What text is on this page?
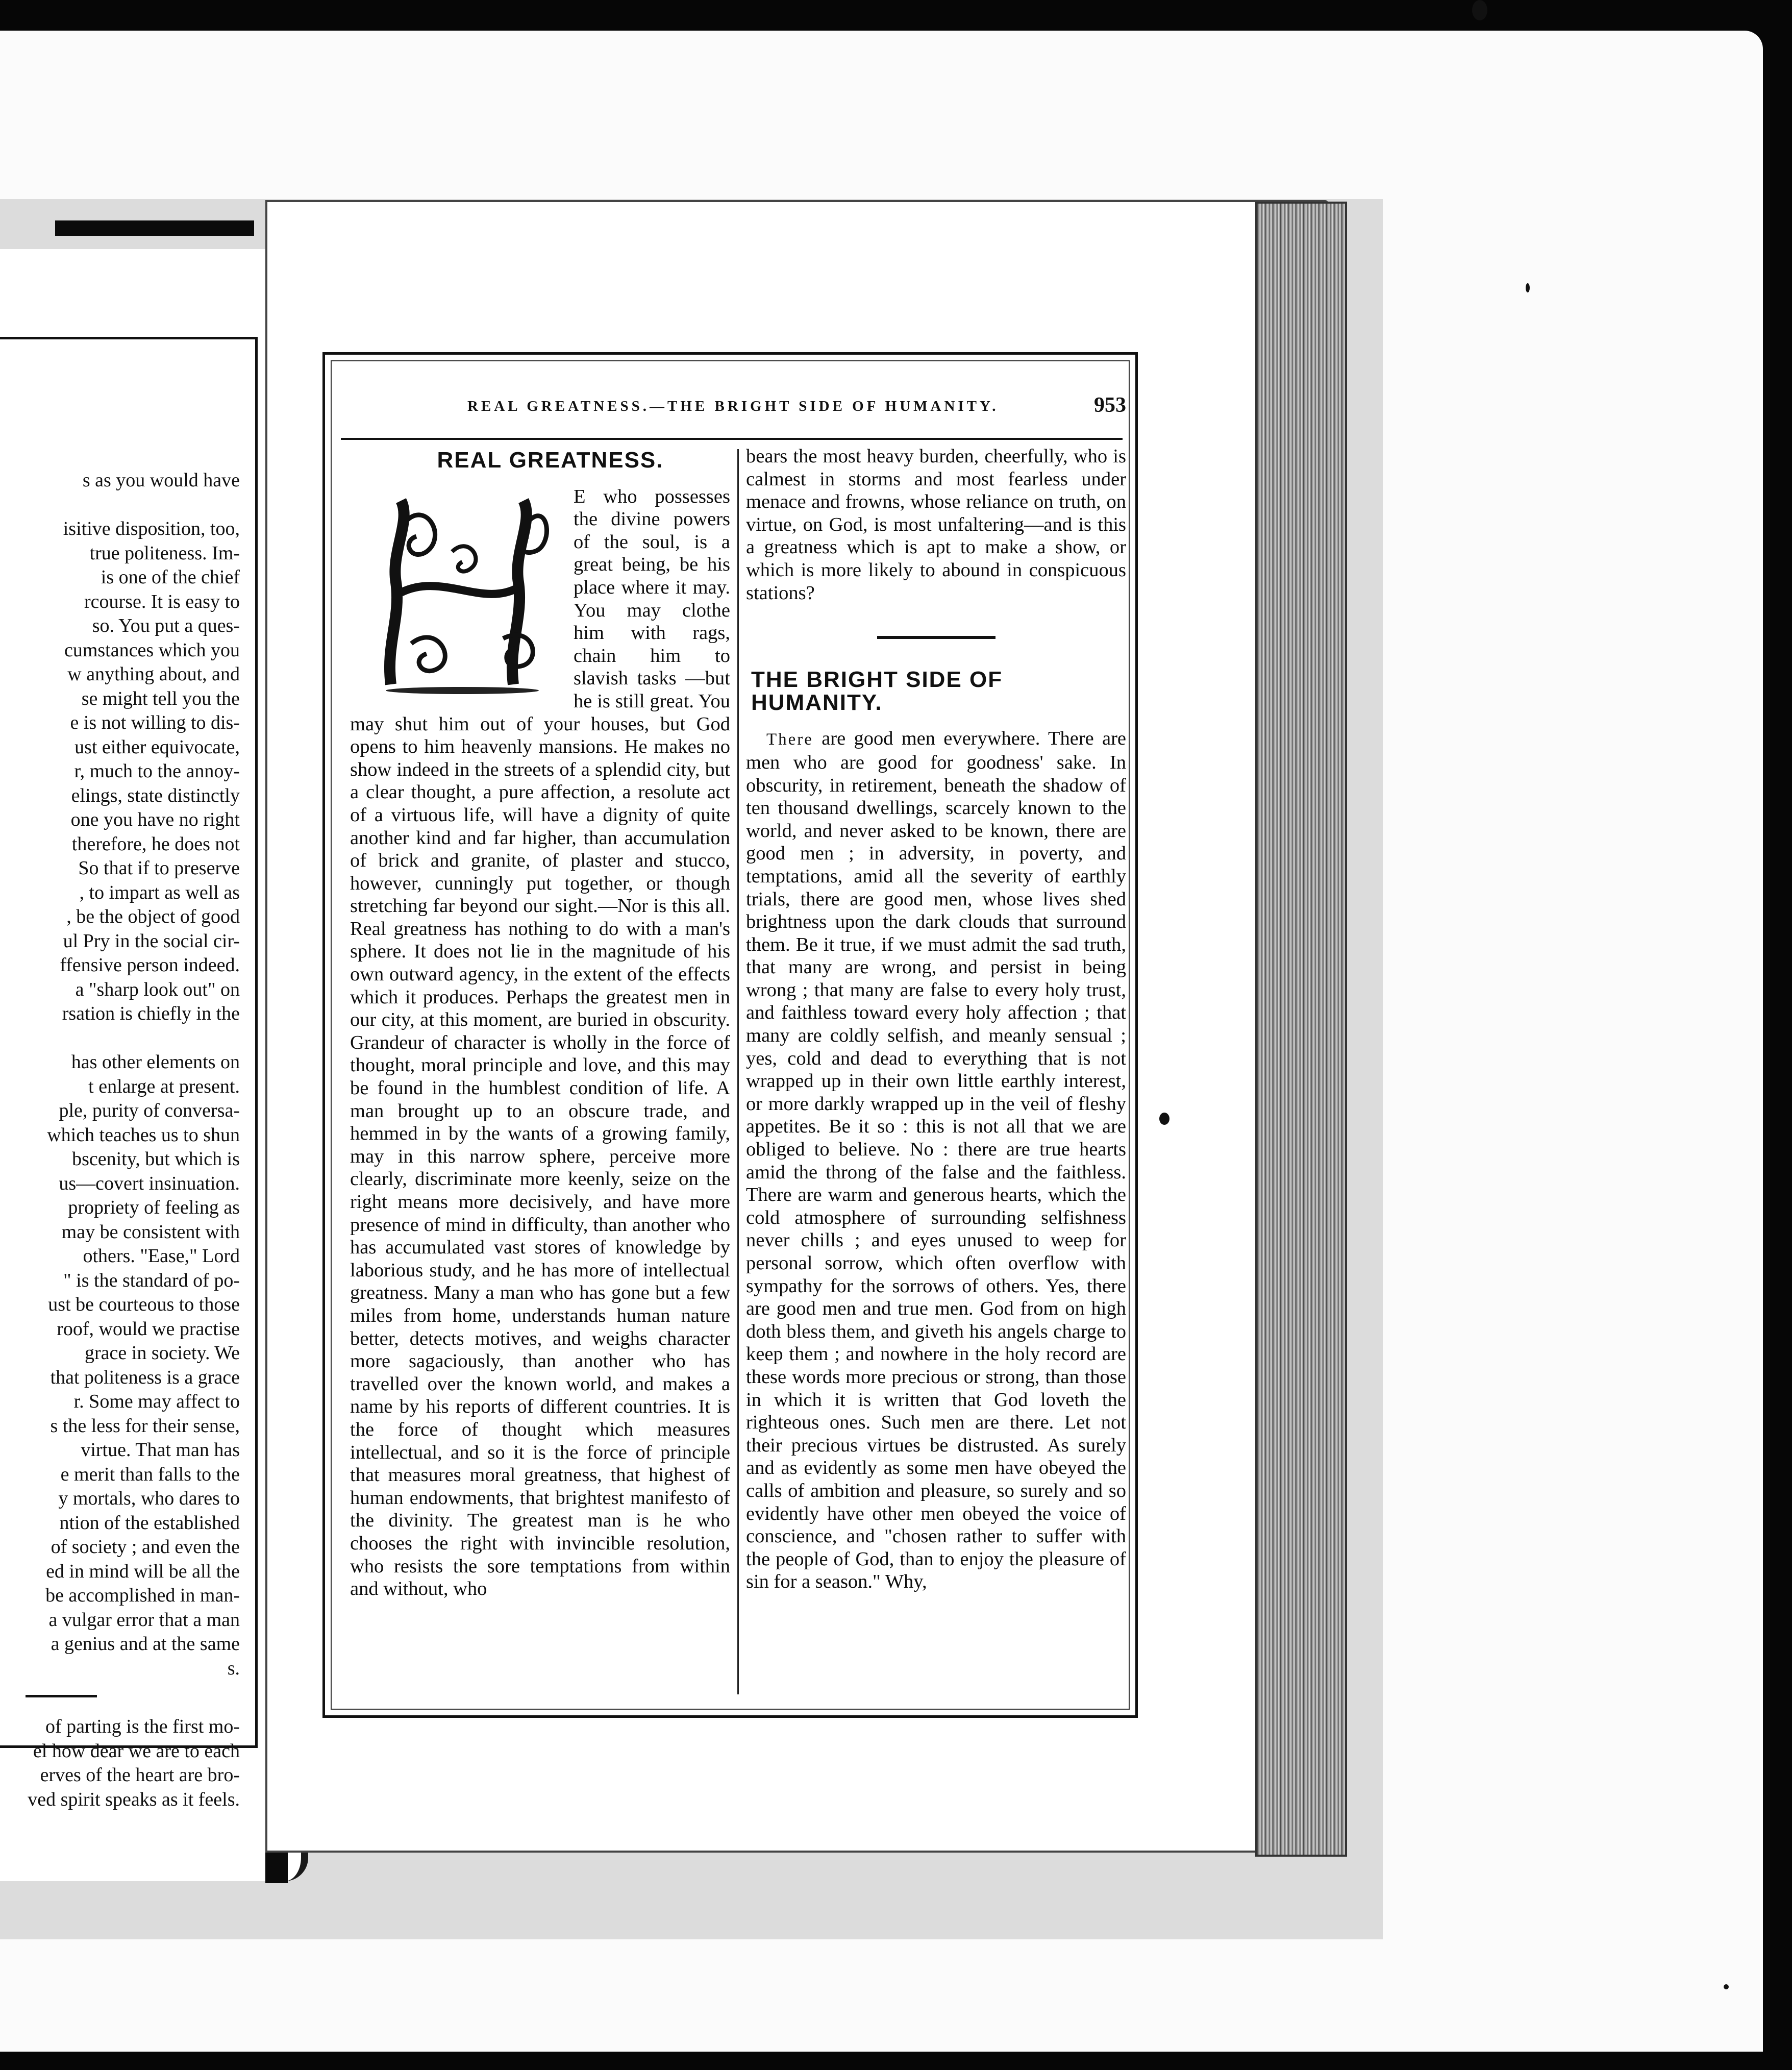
s as you would have

isitive disposition, too,
true politeness. Im-
is one of the chief
rcourse. It is easy to
so. You put a ques-
cumstances which you
w anything about, and
se might tell you the
e is not willing to dis-
ust either equivocate,
r, much to the annoy-
elings, state distinctly
one you have no right
therefore, he does not
So that if to preserve
, to impart as well as
, be the object of good
ul Pry in the social cir-
ffensive person indeed.
a "sharp look out" on
rsation is chiefly in the

has other elements on
t enlarge at present.
ple, purity of conversa-
which teaches us to shun
bscenity, but which is
us—covert insinuation.
propriety of feeling as
may be consistent with
others. "Ease," Lord
" is the standard of po-
ust be courteous to those
roof, would we practise
grace in society. We
that politeness is a grace
r. Some may affect to
s the less for their sense,
virtue. That man has
e merit than falls to the
y mortals, who dares to
ntion of the established
of society ; and even the
ed in mind will be all the
be accomplished in man-
a vulgar error that a man
a genius and at the same
s.
of parting is the first mo-
el how dear we are to each
erves of the heart are bro-
ved spirit speaks as it feels.
REAL GREATNESS.—THE BRIGHT SIDE OF HUMANITY.	953
REAL GREATNESS.

E who possesses the divine powers of the soul, is a great being, be his place where it may. You may clothe him with rags, chain him to slavish tasks —but he is still great. You may shut him out of your houses, but God opens to him heavenly mansions. He makes no show indeed in the streets of a splendid city, but a clear thought, a pure affection, a resolute act of a virtuous life, will have a dignity of quite another kind and far higher, than accumulation of brick and granite, of plaster and stucco, however, cunningly put together, or though stretching far beyond our sight.—Nor is this all. Real greatness has nothing to do with a man's sphere. It does not lie in the magnitude of his own outward agency, in the extent of the effects which it produces. Perhaps the greatest men in our city, at this moment, are buried in obscurity. Grandeur of character is wholly in the force of thought, moral principle and love, and this may be found in the humblest condition of life. A man brought up to an obscure trade, and hemmed in by the wants of a growing family, may in this narrow sphere, perceive more clearly, discriminate more keenly, seize on the right means more decisively, and have more presence of mind in difficulty, than another who has accumulated vast stores of knowledge by laborious study, and he has more of intellectual greatness. Many a man who has gone but a few miles from home, understands human nature better, detects motives, and weighs character more sagaciously, than another who has travelled over the known world, and makes a name by his reports of different countries. It is the force of thought which measures intellectual, and so it is the force of principle that measures moral greatness, that highest of human endowments, that brightest manifesto of the divinity. The greatest man is he who chooses the right with invincible resolution, who resists the sore temptations from within and without, who

bears the most heavy burden, cheerfully, who is calmest in storms and most fearless under menace and frowns, whose reliance on truth, on virtue, on God, is most unfaltering—and is this a greatness which is apt to make a show, or which is more likely to abound in conspicuous stations?

THE BRIGHT SIDE OF HUMANITY.

There are good men everywhere. There are men who are good for goodness' sake. In obscurity, in retirement, beneath the shadow of ten thousand dwellings, scarcely known to the world, and never asked to be known, there are good men ; in adversity, in poverty, and temptations, amid all the severity of earthly trials, there are good men, whose lives shed brightness upon the dark clouds that surround them. Be it true, if we must admit the sad truth, that many are wrong, and persist in being wrong ; that many are false to every holy trust, and faithless toward every holy affection ; that many are coldly selfish, and meanly sensual ; yes, cold and dead to everything that is not wrapped up in their own little earthly interest, or more darkly wrapped up in the veil of fleshy appetites. Be it so : this is not all that we are obliged to believe. No : there are true hearts amid the throng of the false and the faithless. There are warm and generous hearts, which the cold atmosphere of surrounding selfishness never chills ; and eyes unused to weep for personal sorrow, which often overflow with sympathy for the sorrows of others. Yes, there are good men and true men. God from on high doth bless them, and giveth his angels charge to keep them ; and nowhere in the holy record are these words more precious or strong, than those in which it is written that God loveth the righteous ones. Such men are there. Let not their precious virtues be distrusted. As surely and as evidently as some men have obeyed the calls of ambition and pleasure, so surely and so evidently have other men obeyed the voice of conscience, and "chosen rather to suffer with the people of God, than to enjoy the pleasure of sin for a season." Why,
